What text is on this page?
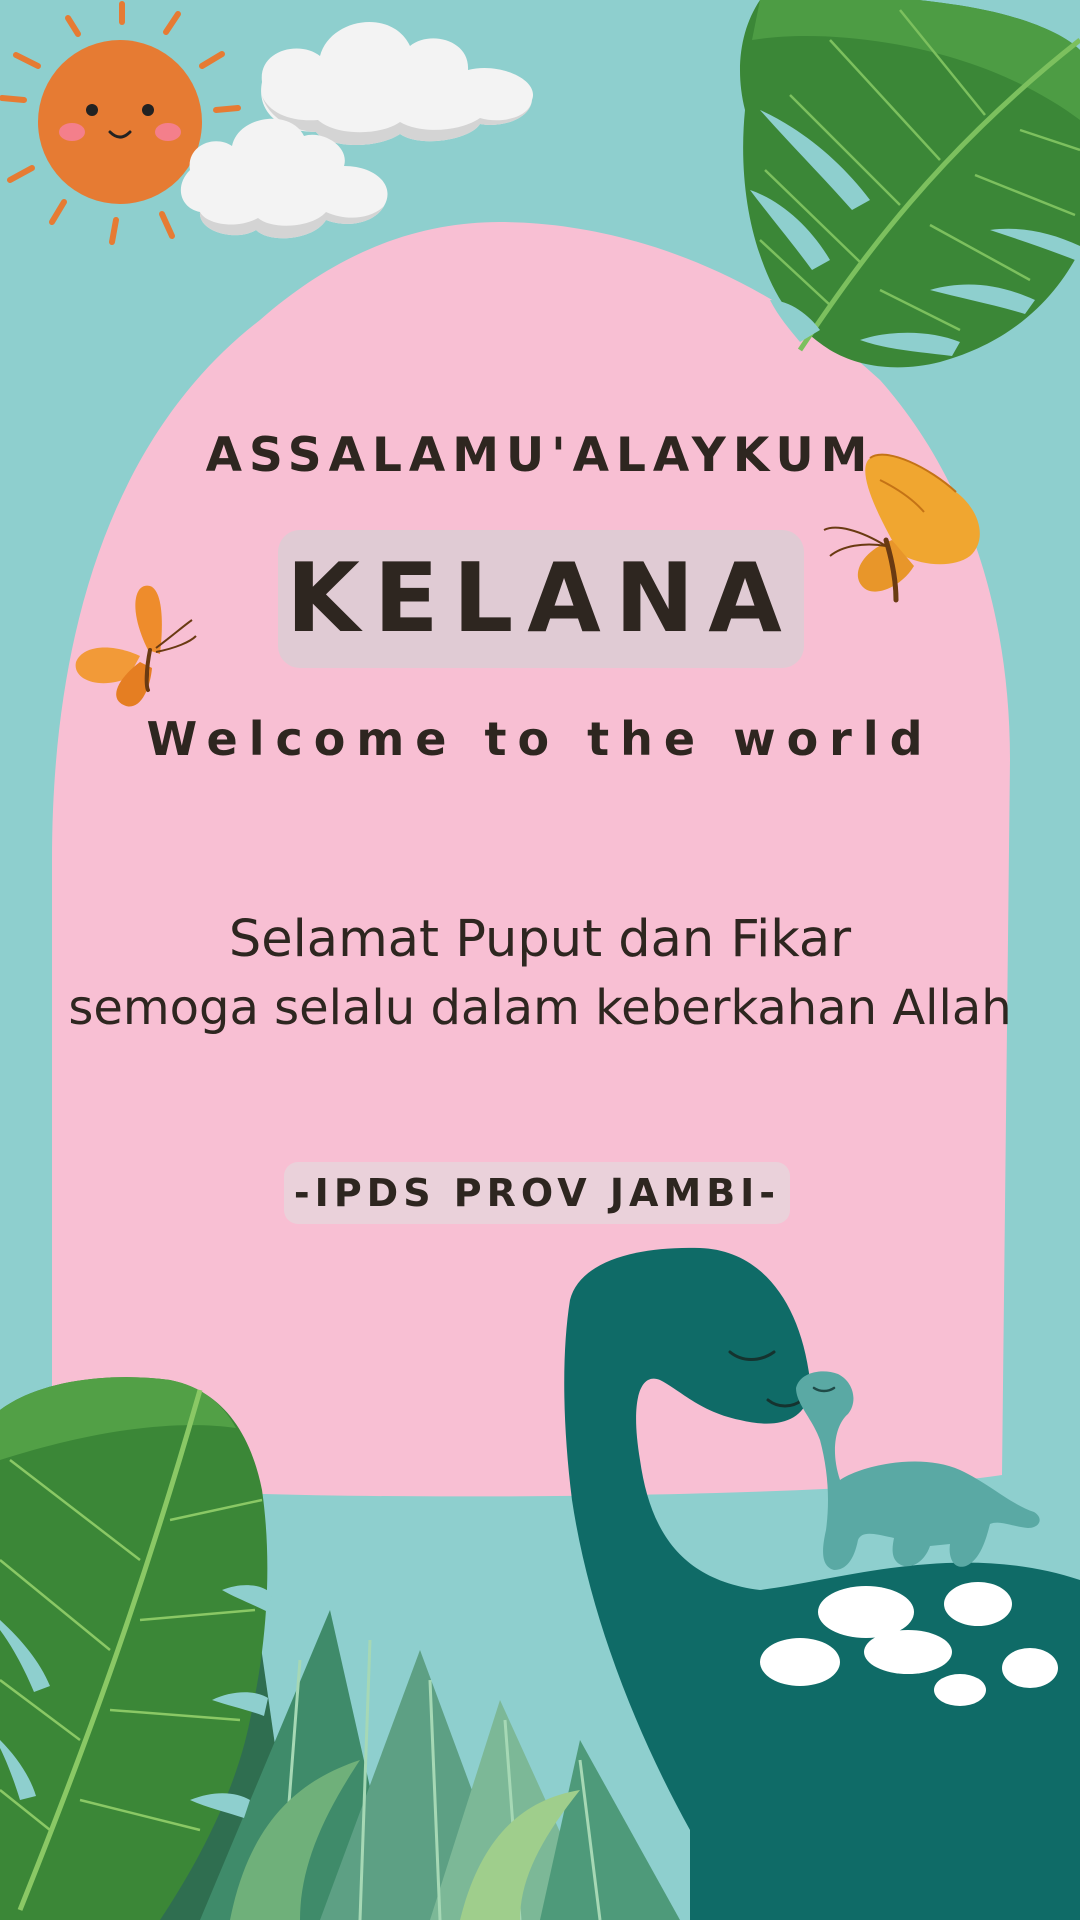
ASSALAMU'ALAYKUM
KELANA
Welcome to the world
Selamat Puput dan Fikar
semoga selalu dalam keberkahan Allah
-IPDS PROV JAMBI-
